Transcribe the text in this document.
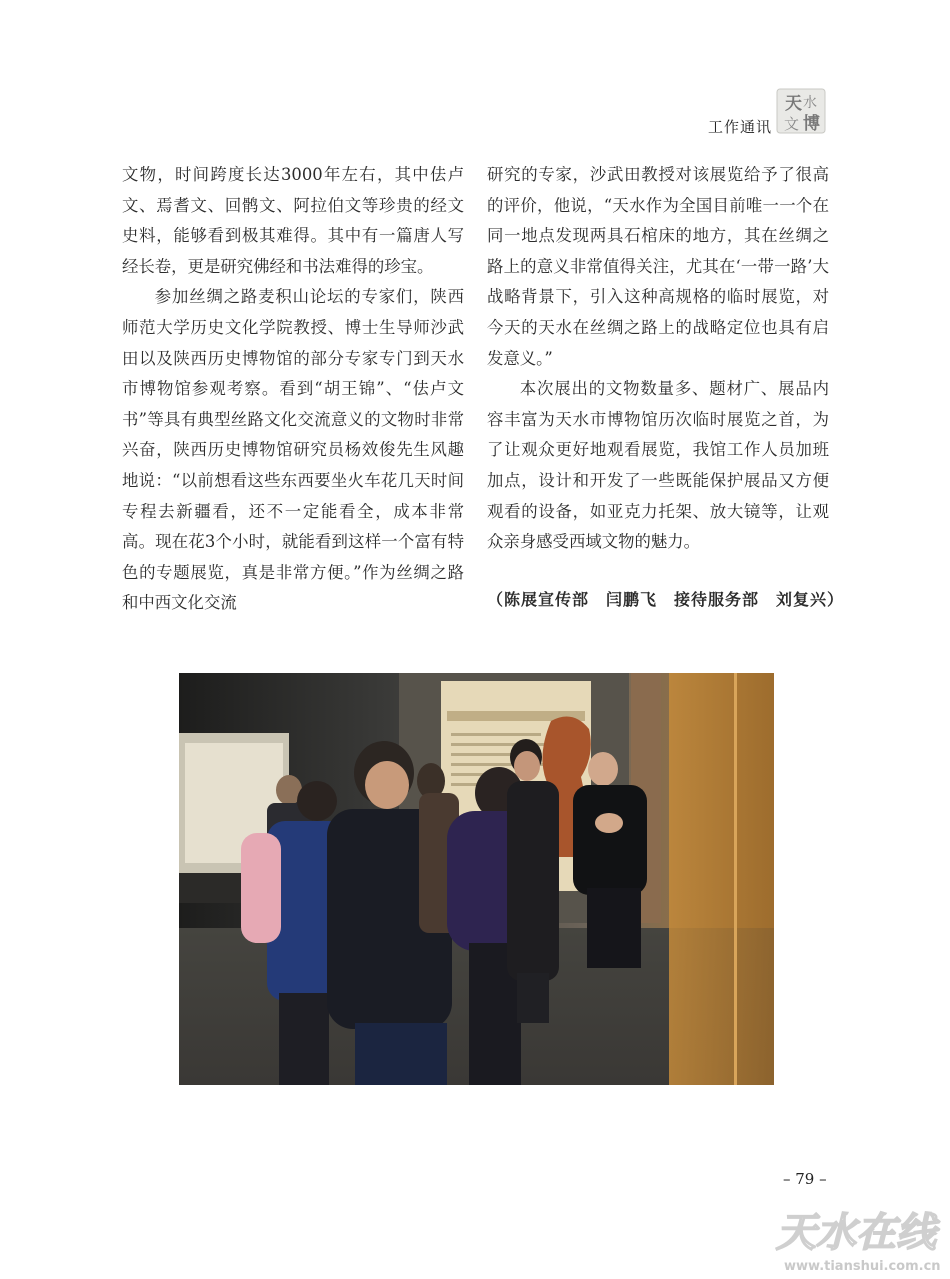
工作通讯
天 水
文 博

文物，时间跨度长达3000年左右，其中佉卢文、焉耆文、回鹘文、阿拉伯文等珍贵的经文史料，能够看到极其难得。其中有一篇唐人写经长卷，更是研究佛经和书法难得的珍宝。

参加丝绸之路麦积山论坛的专家们，陕西师范大学历史文化学院教授、博士生导师沙武田以及陕西历史博物馆的部分专家专门到天水市博物馆参观考察。看到“胡王锦”、“佉卢文书”等具有典型丝路文化交流意义的文物时非常兴奋，陕西历史博物馆研究员杨效俊先生风趣地说：“以前想看这些东西要坐火车花几天时间专程去新疆看，还不一定能看全，成本非常高。现在花3个小时，就能看到这样一个富有特色的专题展览，真是非常方便。”作为丝绸之路和中西文化交流

研究的专家，沙武田教授对该展览给予了很高的评价，他说，“天水作为全国目前唯一一个在同一地点发现两具石棺床的地方，其在丝绸之路上的意义非常值得关注，尤其在‘一带一路’大战略背景下，引入这种高规格的临时展览，对今天的天水在丝绸之路上的战略定位也具有启发意义。”

本次展出的文物数量多、题材广、展品内容丰富为天水市博物馆历次临时展览之首，为了让观众更好地观看展览，我馆工作人员加班加点，设计和开发了一些既能保护展品又方便观看的设备，如亚克力托架、放大镜等，让观众亲身感受西域文物的魅力。

（陈展宣传部　闫鹏飞　接待服务部　刘复兴）

– 79 –
天水在线
www.tianshui.com.cn
